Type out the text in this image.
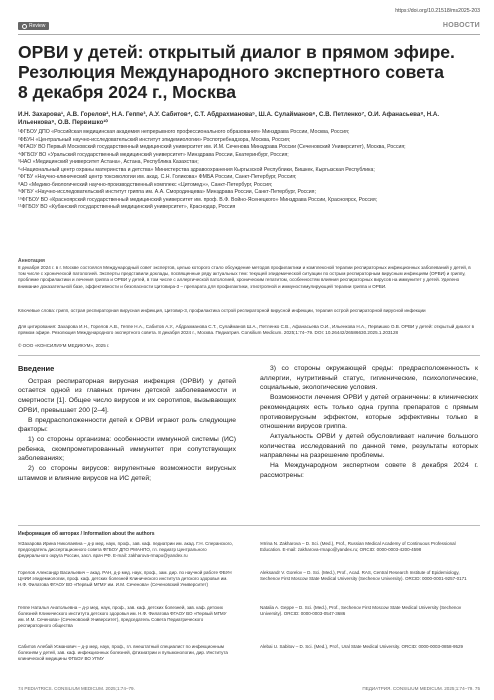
https://doi.org/10.21518/ms2025-203
Review	НОВОСТИ
ОРВИ у детей: открытый диалог в прямом эфире. Резолюция Международного экспертного совета 8 декабря 2024 г., Москва
И.Н. Захарова¹, А.В. Горелов², Н.А. Геппе³, А.У. Сабитов⁴, С.Т. Абдрахманова⁵, Ш.А. Сулайманов⁶, С.В. Петленко⁷, О.И. Афанасьева⁸, Н.А. Ильенкова⁹, О.В. Первишко¹⁰
¹ФГБОУ ДПО «Российская медицинская академия непрерывного профессионального образования» Минздрава России, Москва, Россия;
²ФБУН «Центральный научно-исследовательский институт эпидемиологии» Роспотребнадзора, Москва, Россия;
³ФГАОУ ВО Первый Московский государственный медицинский университет им. И.М. Сеченова Минздрава России (Сеченовский Университет), Москва, Россия;
⁴ФГБОУ ВО «Уральский государственный медицинский университет» Минздрава России, Екатеринбург, Россия;
⁵НАО «Медицинский университет Астана», Астана, Республика Казахстан;
⁶«Национальный центр охраны материнства и детства» Министерства здравоохранения Кыргызской Республики, Бишкек, Кыргызская Республика;
⁷ФГБУ «Научно-клинический центр токсикологии им. акад. С.Н. Голикова» ФМБА России, Санкт-Петербург, Россия;
⁸АО «Медико-биологический научно-производственный комплекс «Цитомед»», Санкт-Петербург, Россия;
⁹ФГБУ «Научно-исследовательский институт гриппа им. А.А. Смородинцева» Минздрава России, Санкт-Петербург, Россия;
¹⁰ФГБОУ ВО «Красноярский государственный медицинский университет им. проф. В.Ф. Войно-Ясенецкого» Минздрава России, Красноярск, Россия;
¹¹ФГБОУ ВО «Кубанский государственный медицинский университет», Краснодар, Россия
Аннотация
8 декабря 2024 г. в г. Москве состоялся Международный совет экспертов, целью которого стало обсуждение методов профилактики и комплексной терапии респираторных инфекционных заболеваний у детей, в том числе с хронической патологией. Эксперты представили доклады, посвященные ряду актуальных тем: текущей эпидемической ситуации по острым респираторным вирусным инфекциям (ОРВИ) и гриппу, проблеме профилактики и лечения гриппа и ОРВИ у детей, в том числе с аллергической патологией, хроническим гепатитом, особенностям влияния респираторных вирусов на иммунитет у детей. Уделено внимание доказательной базе, эффективности и безопасности Цитовира-3 – препарата для профилактики, этиотропной и иммуностимулирующей терапии гриппа и ОРВИ.
Ключевые слова: грипп, острая респираторная вирусная инфекция, Цитовир-3, профилактика острой респираторной вирусной инфекции, терапия острой респираторной вирусной инфекции
Для цитирования: Захарова И.Н., Горелов А.В., Геппе Н.А., Сабитов А.У., Абдрахманова С.Т., Сулайманов Ш.А., Петленко С.В., Афанасьева О.И., Ильенкова Н.А., Первишко О.В. ОРВИ у детей: открытый диалог в прямом эфире. Резолюция Международного экспертного совета. 8 декабря 2024 г., Москва. Педиатрия. Consilium Medicum. 2025;1:74–79. DOI: 10.26442/26586630.2025.1.203128
© ООО «КОНСИЛИУМ МЕДИКУМ», 2025 г.
Введение

Острая респираторная вирусная инфекция (ОРВИ) у детей остается одной из главных причин детской заболеваемости и смертности [1]. Общее число вирусов и их серотипов, вызывающих ОРВИ, превышает 200 [2–4].

В предрасположенности детей к ОРВИ играют роль следующие факторы:

1) со стороны организма: особенности иммунной системы (ИС) ребенка, скомпрометированный иммунитет при сопутствующих заболеваниях;

2) со стороны вирусов: вирулентные возможности вирусных штаммов и влияние вирусов на ИС детей;

3) со стороны окружающей среды: предрасположенность к аллергии, нутритивный статус, гигиенические, психологические, социальные, экологические условия.

Возможности лечения ОРВИ у детей ограничены: в клинических рекомендациях есть только одна группа препаратов с прямым противовирусным эффектом, которые эффективны только в отношении вирусов гриппа.

Актуальность ОРВИ у детей обусловливает наличие большого количества исследований по данной теме, результаты которых направлены на разрешение проблемы.

На Международном экспертном совете 8 декабря 2024 г. рассмотрены:

Информация об авторах / Information about the authors
✉Захарова Ирина Николаевна – д-р мед. наук, проф., зав. каф. педиатрии им. акад. Г.Н. Сперанского, председатель диссертационного совета ФГБОУ ДПО РМАНПО, гл. педиатр Центрального федерального округа России, засл. врач РФ. E-mail: zakharova-rmapo@yandex.ru
Горелов Александр Васильевич – акад. РАН, д-р мед. наук, проф., зам. дир. по научной работе ФБУН ЦНИИ эпидемиологии, проф. каф. детских болезней Клинического института детского здоровья им. Н.Ф. Филатова ФГАОУ ВО «Первый МГМУ им. И.М. Сеченова» (Сеченовский Университет)
Геппе Наталья Анатольевна – д-р мед. наук, проф., зав. каф. детских болезней, зав. каф. детских болезней Клинического института детского здоровья им. Н.Ф. Филатова ФГАОУ ВО «Первый МГМУ им. И.М. Сеченова» (Сеченовский Университет), председатель Совета Педиатрического респираторного общества
Сабитов Алебай Усманович – д-р мед. наук, проф., гл. внештатный специалист по инфекционным болезням у детей, зав. каф. инфекционных болезней, фтизиатрии и пульмонологии, дир. Института клинической медицины ФГБОУ ВО УГМУ
✉Irina N. Zakharova – D. Sci. (Med.), Prof., Russian Medical Academy of Continuous Professional Education. E-mail: zakharova-rmapo@yandex.ru; ORCID: 0000-0003-4200-4598
Aleksandr V. Gorelov – D. Sci. (Med.), Prof., Acad. RAS, Central Research Institute of Epidemiology, Sechenov First Moscow State Medical University (Sechenov University). ORCID: 0000-0001-9257-0171
Natalia A. Geppe – D. Sci. (Med.), Prof., Sechenov First Moscow State Medical University (Sechenov University). ORCID: 0000-0003-0547-3686
Alebai U. Sabitov – D. Sci. (Med.), Prof., Ural State Medical University. ORCID: 0000-0003-0858-9529
74 PEDIATRICS. CONSILIUM MEDICUM. 2025;1:74–79.	ПЕДИАТРИЯ. CONSILIUM MEDICUM. 2025;1:74–79. 75
